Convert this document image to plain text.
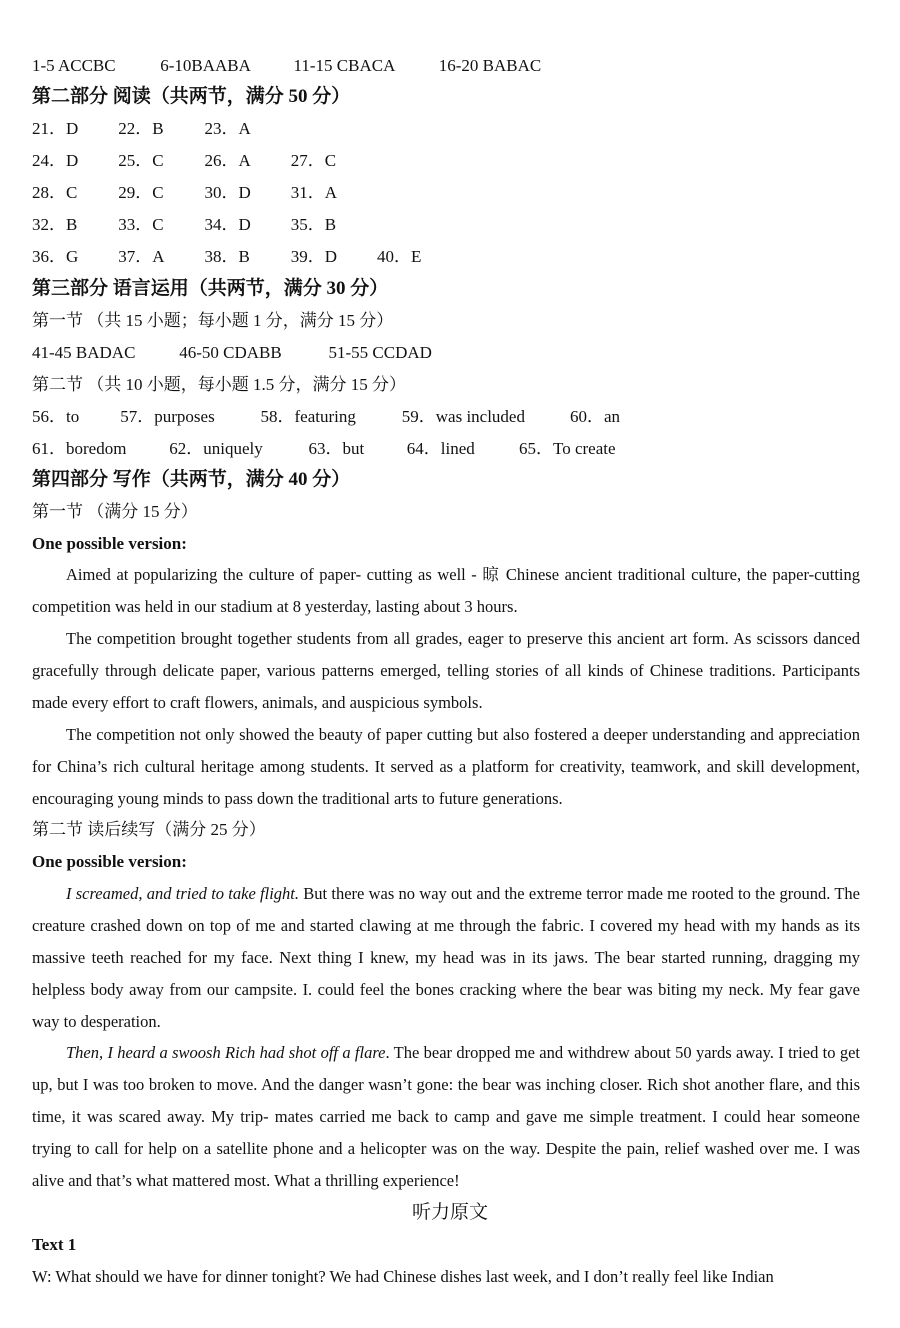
1-5 ACCBC	6-10BAABA	11-15 CBACA	16-20 BABAC
第二部分 阅读（共两节，满分 50 分）
21．D 22．B 23．A
24．D 25．C 26．A 27．C
28．C 29．C 30．D 31．A
32．B 33．C 34．D 35．B
36．G 37．A 38．B 39．D 40．E
第三部分 语言运用（共两节，满分 30 分）
第一节 （共 15 小题；每小题 1 分，满分 15 分）
41-45 BADAC	46-50 CDABB	51-55 CCDAD
第二节 （共 10 小题，每小题 1.5 分，满分 15 分）
56．to 57．purposes	58．featuring	59．was included	60．an
61．boredom	62．uniquely	63．but	64．lined	65．To create
第四部分 写作（共两节，满分 40 分）
第一节 （满分 15 分）
One possible version:
Aimed at popularizing the culture of paper- cutting as well - 晾 Chinese ancient traditional culture, the paper-cutting competition was held in our stadium at 8 yesterday, lasting about 3 hours.
The competition brought together students from all grades, eager to preserve this ancient art form. As scissors danced gracefully through delicate paper, various patterns emerged, telling stories of all kinds of Chinese traditions. Participants made every effort to craft flowers, animals, and auspicious symbols.
The competition not only showed the beauty of paper cutting but also fostered a deeper understanding and appreciation for China’s rich cultural heritage among students. It served as a platform for creativity, teamwork, and skill development, encouraging young minds to pass down the traditional arts to future generations.
第二节 读后续写（满分 25 分）
One possible version:
I screamed, and tried to take flight. But there was no way out and the extreme terror made me rooted to the ground. The creature crashed down on top of me and started clawing at me through the fabric. I covered my head with my hands as its massive teeth reached for my face. Next thing I knew, my head was in its jaws. The bear started running, dragging my helpless body away from our campsite. I. could feel the bones cracking where the bear was biting my neck. My fear gave way to desperation.
Then, I heard a swoosh Rich had shot off a flare. The bear dropped me and withdrew about 50 yards away. I tried to get up, but I was too broken to move. And the danger wasn’t gone: the bear was inching closer. Rich shot another flare, and this time, it was scared away. My trip- mates carried me back to camp and gave me simple treatment. I could hear someone trying to call for help on a satellite phone and a helicopter was on the way. Despite the pain, relief washed over me. I was alive and that’s what mattered most. What a thrilling experience!
听力原文
Text 1
W: What should we have for dinner tonight? We had Chinese dishes last week, and I don’t really feel like Indian
